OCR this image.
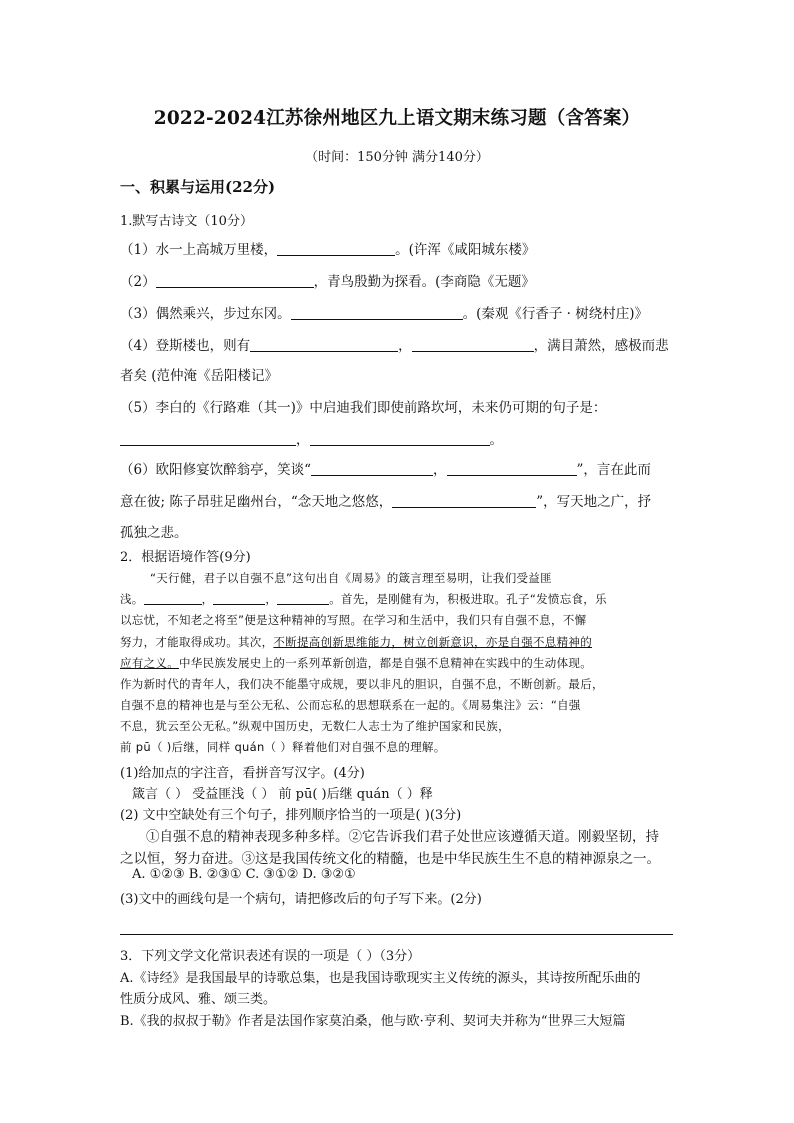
2022-2024江苏徐州地区九上语文期末练习题（含答案）
（时间：150分钟 满分140分）
一、积累与运用(22分)
1.默写古诗文（10分）
（1）水一上高城万里楼，	。(许浑《咸阳城东楼》
（2）	，青鸟殷勤为探看。(李商隐《无题》
（3）偶然乘兴，步过东冈。	。(秦观《行香子 · 树绕村庄)》
（4）登斯楼也，则有	，	，满目萧然，感极而悲
者矣 (范仲淹《岳阳楼记》
（5）李白的《行路难（其一)》中启迪我们即使前路坎坷，未来仍可期的句子是：
，	。
（6）欧阳修宴饮醉翁亭，笑谈“	，	”，言在此而
意在彼; 陈子昂驻足幽州台，“念天地之悠悠，	”，写天地之广，抒
孤独之悲。
2．根据语境作答(9分)
“天行健，君子以自强不息”这句出自《周易》的箴言理至易明，让我们受益匪
浅。	，	，	。首先，是刚健有为，积极进取。孔子“发愤忘食，乐
以忘忧，不知老之将至”便是这种精神的写照。在学习和生活中，我们只有自强不息，不懈
努力，才能取得成功。其次，不断提高创新思维能力，树立创新意识，亦是自强不息精神的
应有之义。中华民族发展史上的一系列革新创造，都是自强不息精神在实践中的生动体现。
作为新时代的青年人，我们决不能墨守成规，要以非凡的胆识，自强不息，不断创新。最后，
自强不息的精神也是与至公无私、公而忘私的思想联系在一起的。《周易集注》云：“自强
不息，犹云至公无私。”纵观中国历史，无数仁人志士为了维护国家和民族，
前 pū（ )后继，同样 quán（ ）释着他们对自强不息的理解。
(1)给加点的字注音，看拼音写汉字。(4分)
箴言（ ） 受益匪浅（ ） 前 pū( )后继 quán（ ）释
(2) 文中空缺处有三个句子，排列顺序恰当的一项是( )(3分)
①自强不息的精神表现多种多样。②它告诉我们君子处世应该遵循天道。刚毅坚韧，持
之以恒，努力奋进。③这是我国传统文化的精髓，也是中华民族生生不息的精神源泉之一。
A. ①②③ B. ②③① C. ③①② D. ③②①
(3)文中的画线句是一个病句，请把修改后的句子写下来。(2分)
3．下列文学文化常识表述有误的一项是（ ）（3分）
A.《诗经》是我国最早的诗歌总集，也是我国诗歌现实主义传统的源头，其诗按所配乐曲的
性质分成风、雅、颂三类。
B.《我的叔叔于勒》作者是法国作家莫泊桑，他与欧·亨利、契诃夫并称为“世界三大短篇
